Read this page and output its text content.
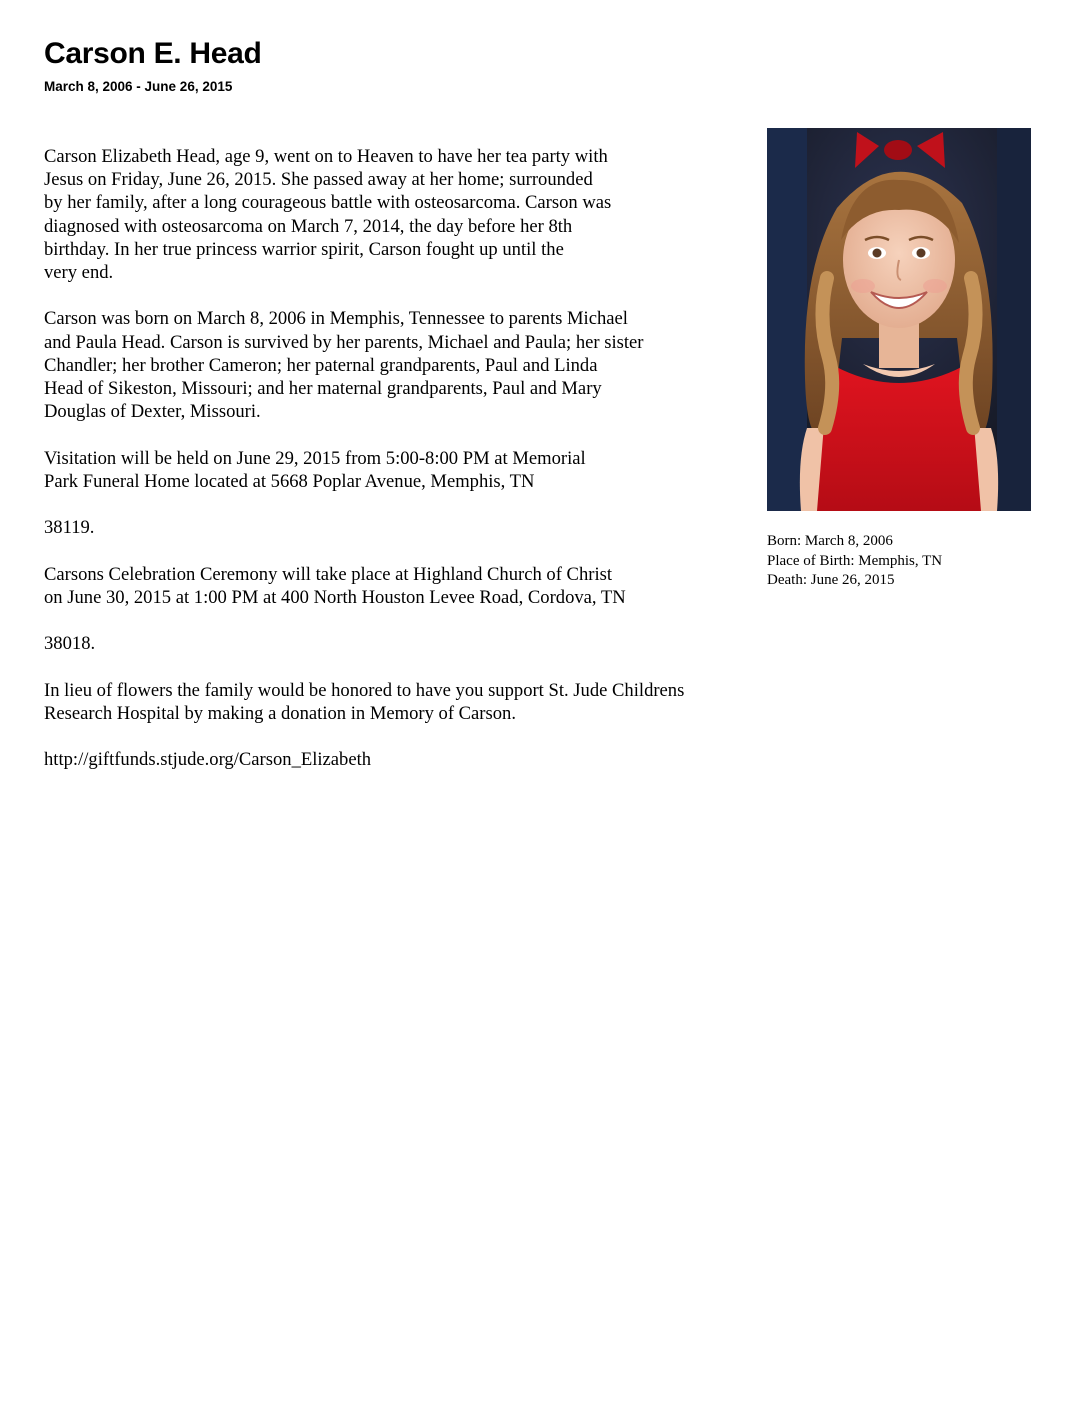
Carson E. Head
March 8, 2006 - June 26, 2015

Carson Elizabeth Head, age 9, went on to Heaven to have her tea party with
Jesus on Friday, June 26, 2015. She passed away at her home; surrounded
by her family, after a long courageous battle with osteosarcoma. Carson was
diagnosed with osteosarcoma on March 7, 2014, the day before her 8th
birthday. In her true princess warrior spirit, Carson fought up until the
very end.

Carson was born on March 8, 2006 in Memphis, Tennessee to parents Michael
and Paula Head. Carson is survived by her parents, Michael and Paula; her sister
Chandler; her brother Cameron; her paternal grandparents, Paul and Linda
Head of Sikeston, Missouri; and her maternal grandparents, Paul and Mary
Douglas of Dexter, Missouri.

Visitation will be held on June 29, 2015 from 5:00-8:00 PM at Memorial
Park Funeral Home located at 5668 Poplar Avenue, Memphis, TN

38119.

Carsons Celebration Ceremony will take place at Highland Church of Christ
on June 30, 2015 at 1:00 PM at 400 North Houston Levee Road, Cordova, TN

38018.

In lieu of flowers the family would be honored to have you support St. Jude Childrens
Research Hospital by making a donation in Memory of Carson.

http://giftfunds.stjude.org/Carson_Elizabeth

Born: March 8, 2006
Place of Birth: Memphis, TN
Death: June 26, 2015
